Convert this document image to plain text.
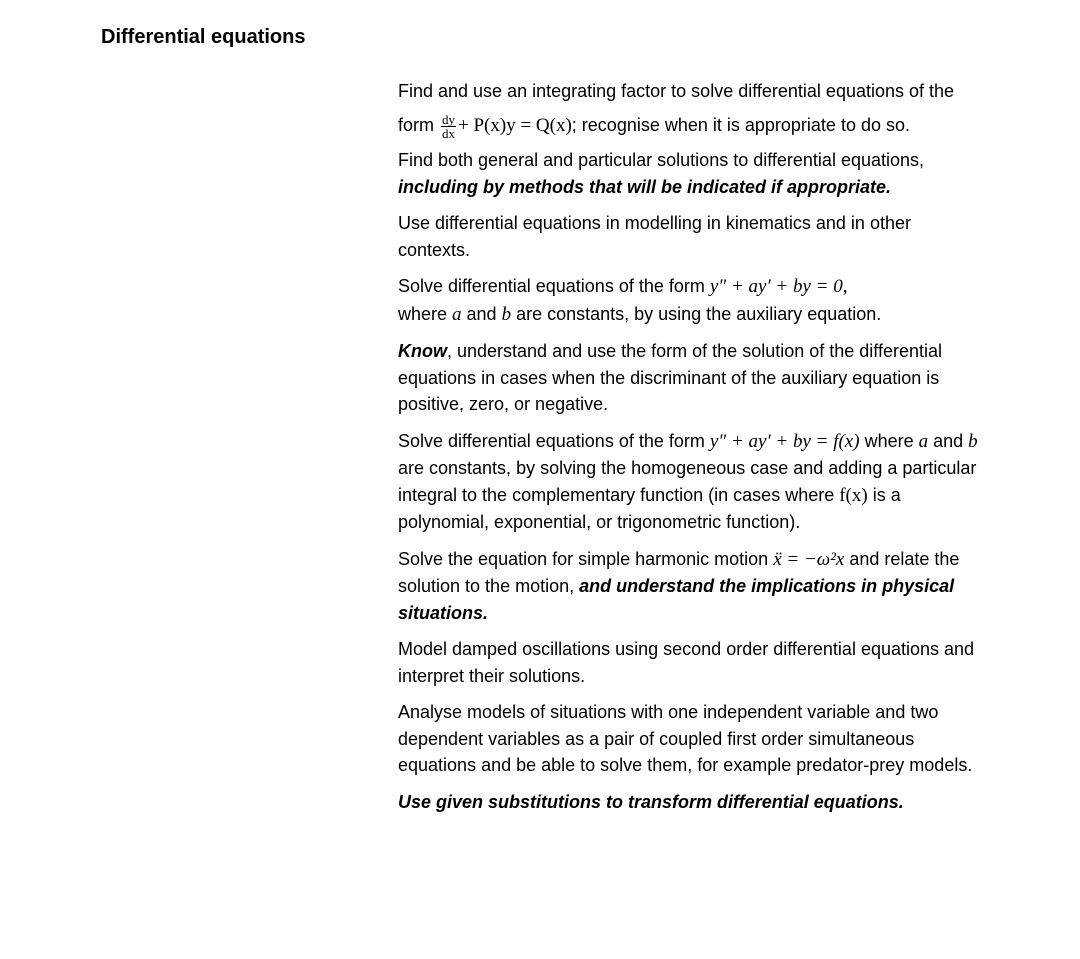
Differential equations

Find and use an integrating factor to solve differential equations of the form $\frac{dy}{dx} + P(x)y = Q(x)$; recognise when it is appropriate to do so.

Find both general and particular solutions to differential equations, including by methods that will be indicated if appropriate.

Use differential equations in modelling in kinematics and in other contexts.

Solve differential equations of the form y″ + ay′ + by = 0,
where a and b are constants, by using the auxiliary equation.

Know, understand and use the form of the solution of the differential equations in cases when the discriminant of the auxiliary equation is positive, zero, or negative.

Solve differential equations of the form y″ + ay′ + by = f(x) where a and b are constants, by solving the homogeneous case and adding a particular integral to the complementary function (in cases where f(x) is a polynomial, exponential, or trigonometric function).

Solve the equation for simple harmonic motion ẍ = −ω²x and relate the solution to the motion, and understand the implications in physical situations.

Model damped oscillations using second order differential equations and interpret their solutions.

Analyse models of situations with one independent variable and two dependent variables as a pair of coupled first order simultaneous equations and be able to solve them, for example predator-prey models.

Use given substitutions to transform differential equations.
